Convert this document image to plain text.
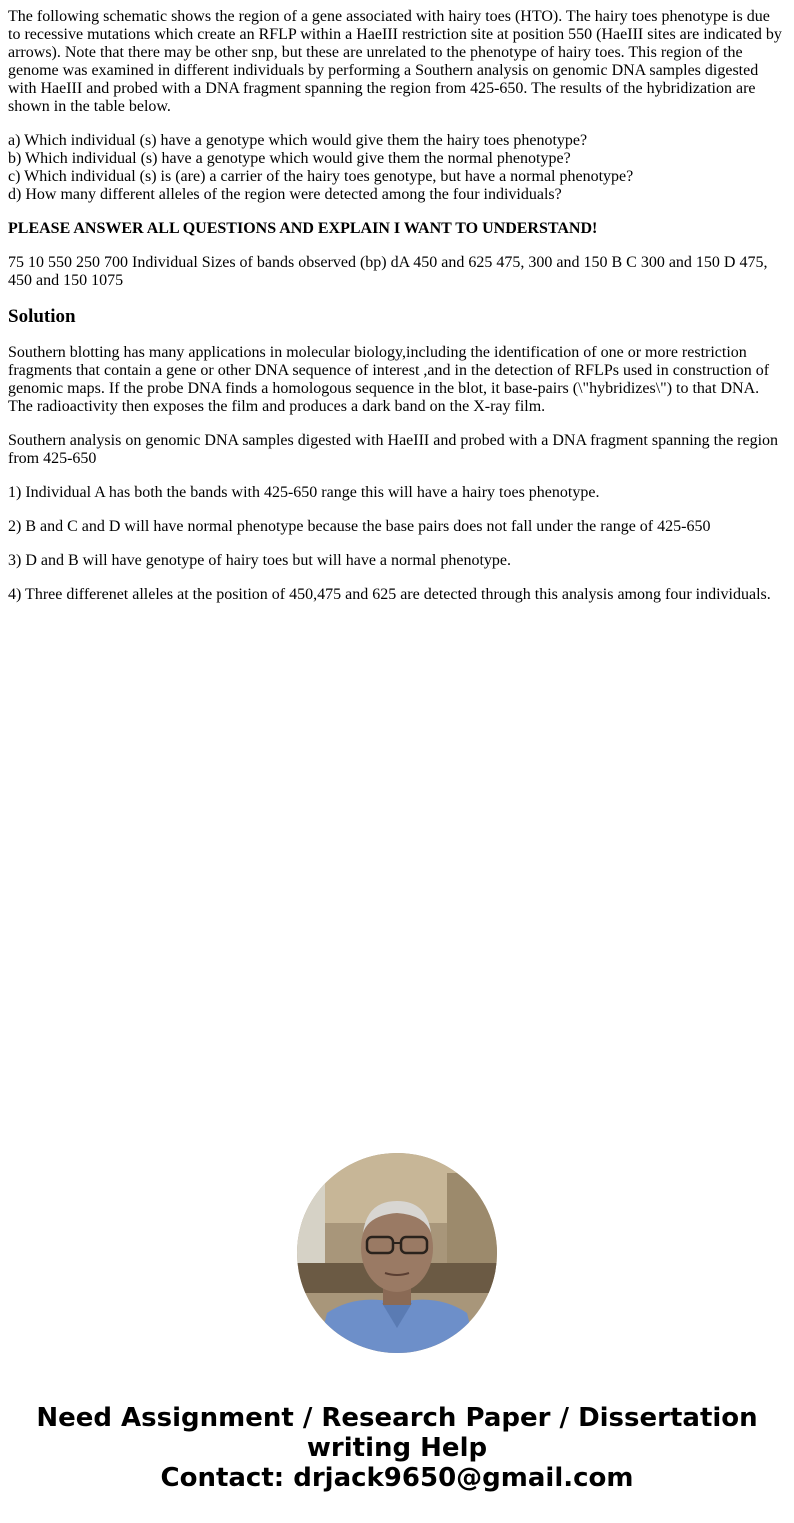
The following schematic shows the region of a gene associated with hairy toes (HTO). The hairy toes phenotype is due to recessive mutations which create an RFLP within a HaeIII restriction site at position 550 (HaeIII sites are indicated by arrows). Note that there may be other snp, but these are unrelated to the phenotype of hairy toes. This region of the genome was examined in different individuals by performing a Southern analysis on genomic DNA samples digested with HaeIII and probed with a DNA fragment spanning the region from 425-650. The results of the hybridization are shown in the table below.

a) Which individual (s) have a genotype which would give them the hairy toes phenotype?
b) Which individual (s) have a genotype which would give them the normal phenotype?
c) Which individual (s) is (are) a carrier of the hairy toes genotype, but have a normal phenotype?
d) How many different alleles of the region were detected among the four individuals?

PLEASE ANSWER ALL QUESTIONS AND EXPLAIN I WANT TO UNDERSTAND!

75 10 550 250 700 Individual Sizes of bands observed (bp) dA 450 and 625 475, 300 and 150 B C 300 and 150 D 475, 450 and 150 1075

Solution

Southern blotting has many applications in molecular biology,including the identification of one or more restriction fragments that contain a gene or other DNA sequence of interest ,and in the detection of RFLPs used in construction of genomic maps. If the probe DNA finds a homologous sequence in the blot, it base-pairs (\"hybridizes\") to that DNA. The radioactivity then exposes the film and produces a dark band on the X-ray film.

Southern analysis on genomic DNA samples digested with HaeIII and probed with a DNA fragment spanning the region from 425-650

1) Individual A has both the bands with 425-650 range this will have a hairy toes phenotype.

2) B and C and D will have normal phenotype because the base pairs does not fall under the range of 425-650

3) D and B will have genotype of hairy toes but will have a normal phenotype.

4) Three differenet alleles at the position of 450,475 and 625 are detected through this analysis among four individuals.

Need Assignment / Research Paper / Dissertation
writing Help
Contact: drjack9650@gmail.com
